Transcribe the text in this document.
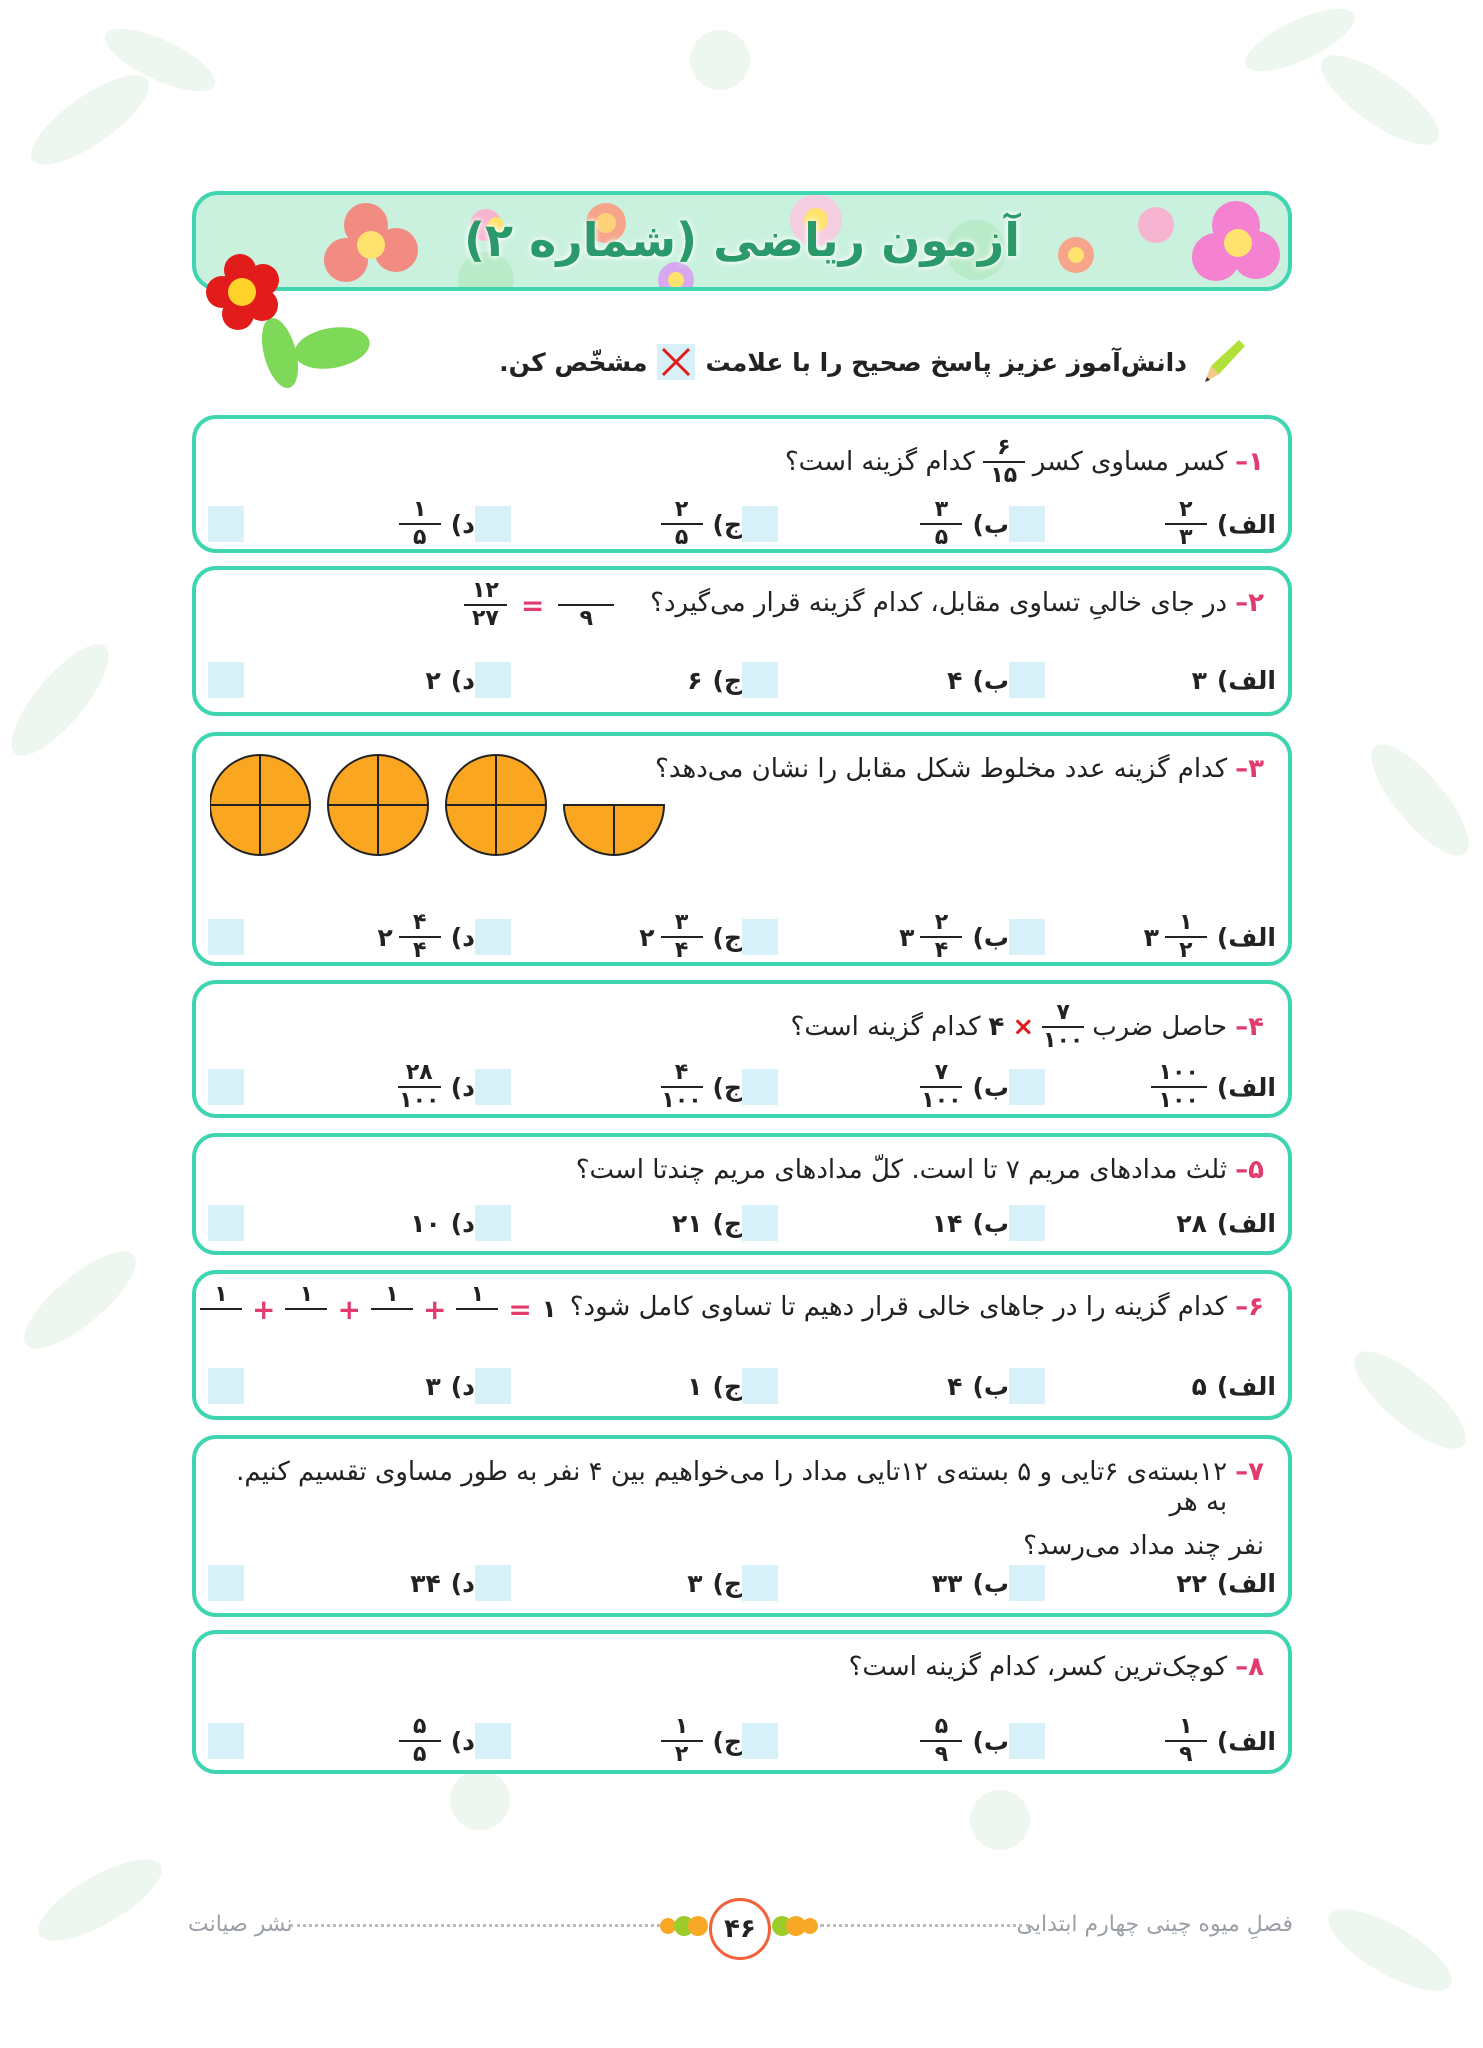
آزمون ریاضی (شماره ۲)
دانش‌آموز عزیز پاسخ صحیح را با علامت
مشخّص کن.
۱–
کسر مساوی کسر
$\frac{۶}{۱۵}$
کدام گزینه است؟
الف)
$\frac{۲}{۳}$
ب)
$\frac{۳}{۵}$
ج)
$\frac{۲}{۵}$
د)
$\frac{۱}{۵}$
۲–
در جای خالیِ تساوی مقابل، کدام گزینه قرار می‌گیرد؟
$\frac{۱۲}{۲۷}$ = ۹
الف)
۳
ب)
۴
ج)
۶
د)
۲
۳–
کدام گزینه عدد مخلوط شکل مقابل را نشان می‌دهد؟
الف)
$\frac{۱}{۲}$
۳
ب)
$\frac{۲}{۴}$
۳
ج)
$\frac{۳}{۴}$
۲
د)
$\frac{۴}{۴}$
۲
۴–
حاصل ضرب
$\frac{۷}{۱۰۰}$
×
۴
کدام گزینه است؟
الف)
$\frac{۱۰۰}{۱۰۰}$
ب)
$\frac{۷}{۱۰۰}$
ج)
$\frac{۴}{۱۰۰}$
د)
$\frac{۲۸}{۱۰۰}$
۵–
ثلث مدادهای مریم ۷ تا است. کلّ مدادهای مریم چندتا است؟
الف)
۲۸
ب)
۱۴
ج)
۲۱
د)
۱۰
۶–
کدام گزینه را در جاهای خالی قرار دهیم تا تساوی کامل شود؟
۱
+	۱
+	۱
+	۱
= ۱
الف)
۵
ب)
۴
ج)
۱
د)
۳
۷–
۱۲بسته‌ی ۶تایی و ۵ بسته‌ی ۱۲تایی مداد را می‌خواهیم بین ۴ نفر به طور مساوی تقسیم کنیم. به هر
نفر چند مداد می‌رسد؟
الف)
۲۲
ب)
۳۳
ج)
۳
د)
۳۴
۸–
کوچک‌ترین کسر، کدام گزینه است؟
الف)
$\frac{۱}{۹}$
ب)
$\frac{۵}{۹}$
ج)
$\frac{۱}{۲}$
د)
$\frac{۵}{۵}$
نشر صیانت	۴۶	فصلِ میوه چینی چهارم ابتدایی
